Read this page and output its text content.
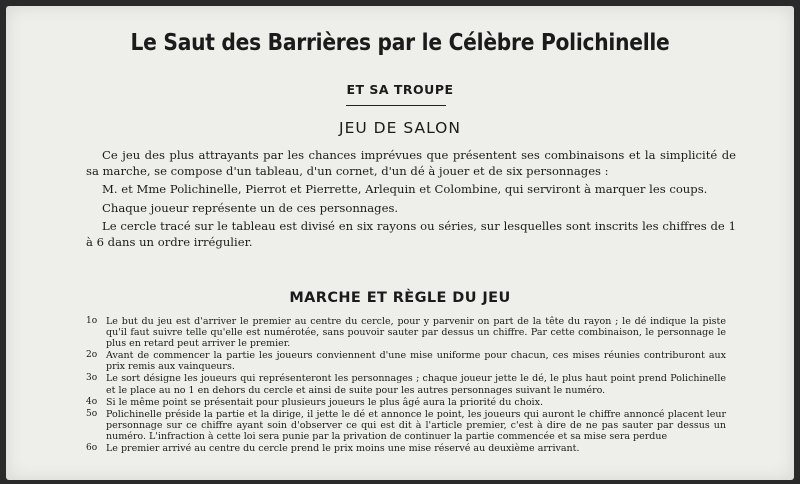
Le Saut des Barrières par le Célèbre Polichinelle
ET SA TROUPE
JEU DE SALON

Ce jeu des plus attrayants par les chances imprévues que présentent ses combinaisons et la simplicité de sa marche, se compose d'un tableau, d'un cornet, d'un dé à jouer et de six personnages :

M. et Mme Polichinelle, Pierrot et Pierrette, Arlequin et Colombine, qui serviront à marquer les coups.

Chaque joueur représente un de ces personnages.

Le cercle tracé sur le tableau est divisé en six rayons ou séries, sur lesquelles sont inscrits les chiffres de 1 à 6 dans un ordre irrégulier.

MARCHE ET RÈGLE DU JEU
1o Le but du jeu est d'arriver le premier au centre du cercle, pour y parvenir on part de la tête du rayon ; le dé indique la piste qu'il faut suivre telle qu'elle est numérotée, sans pouvoir sauter par dessus un chiffre. Par cette combinaison, le personnage le plus en retard peut arriver le premier.
2o Avant de commencer la partie les joueurs conviennent d'une mise uniforme pour chacun, ces mises réunies contriburont aux prix remis aux vainqueurs.
3o Le sort désigne les joueurs qui représenteront les personnages ; chaque joueur jette le dé, le plus haut point prend Polichinelle et le place au no 1 en dehors du cercle et ainsi de suite pour les autres personnages suivant le numéro.
4o Si le même point se présentait pour plusieurs joueurs le plus âgé aura la priorité du choix.
5o Polichinelle préside la partie et la dirige, il jette le dé et annonce le point, les joueurs qui auront le chiffre annoncé placent leur personnage sur ce chiffre ayant soin d'observer ce qui est dit à l'article premier, c'est à dire de ne pas sauter par dessus un numéro. L'infraction à cette loi sera punie par la privation de continuer la partie commencée et sa mise sera perdue
6o Le premier arrivé au centre du cercle prend le prix moins une mise réservé au deuxième arrivant.
